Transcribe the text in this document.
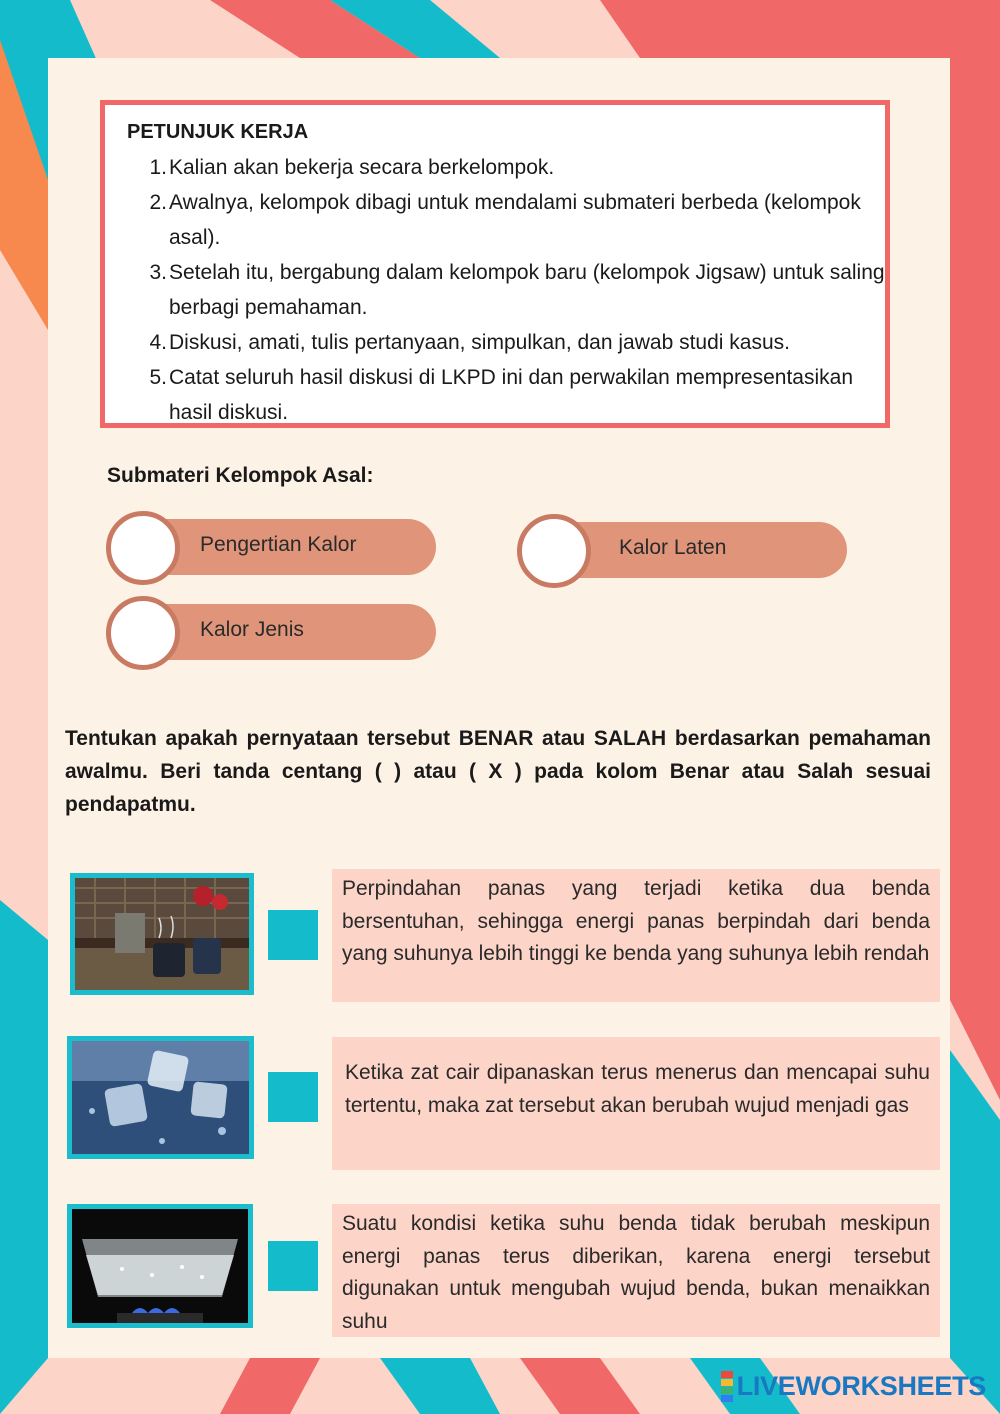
PETUNJUK KERJA
1. Kalian akan bekerja secara berkelompok.
2. Awalnya, kelompok dibagi untuk mendalami submateri berbeda (kelompok asal).
3. Setelah itu, bergabung dalam kelompok baru (kelompok Jigsaw) untuk saling berbagi pemahaman.
4. Diskusi, amati, tulis pertanyaan, simpulkan, dan jawab studi kasus.
5. Catat seluruh hasil diskusi di LKPD ini dan perwakilan mempresentasikan hasil diskusi.
Submateri Kelompok Asal:
Pengertian Kalor	Kalor Laten
Kalor Jenis

Tentukan apakah pernyataan tersebut BENAR atau SALAH berdasarkan pemahaman awalmu. Beri tanda centang ( ) atau ( X ) pada kolom Benar atau Salah sesuai pendapatmu.

Perpindahan panas yang terjadi ketika dua benda bersentuhan, sehingga energi panas berpindah dari benda yang suhunya lebih tinggi ke benda yang suhunya lebih rendah
Ketika zat cair dipanaskan terus menerus dan mencapai suhu tertentu, maka zat tersebut akan berubah wujud menjadi gas
Suatu kondisi ketika suhu benda tidak berubah meskipun energi panas terus diberikan, karena energi tersebut digunakan untuk mengubah wujud benda, bukan menaikkan suhu
LIVEWORKSHEETS
